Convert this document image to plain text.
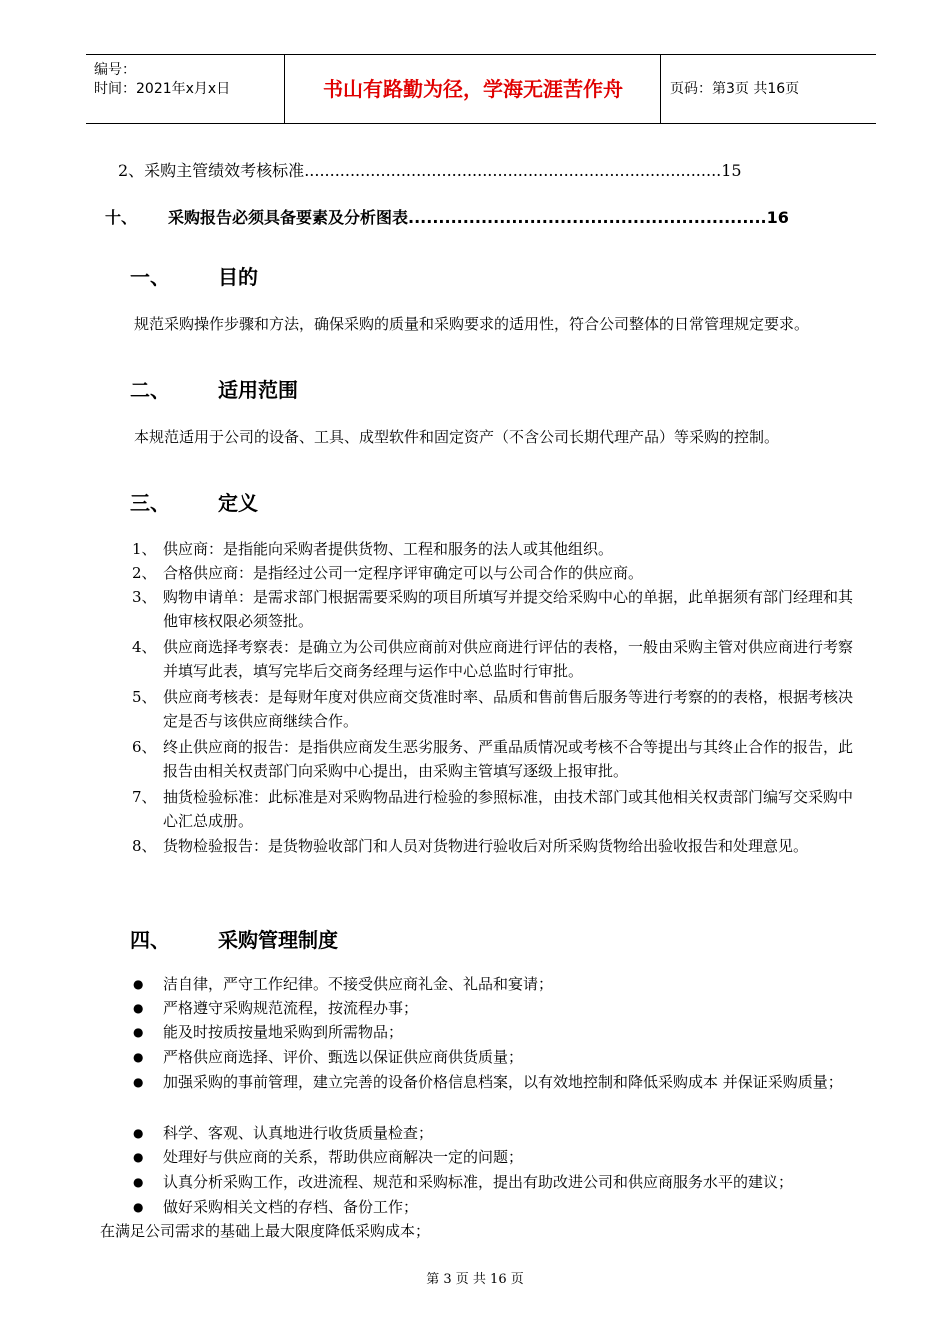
编号：
时间：2021年x月x日	书山有路勤为径，学海无涯苦作舟	页码：第3页 共16页
2、采购主管绩效考核标准..................................................................................15
十、 采购报告必须具备要素及分析图表...........................................................16
一、 目的
规范采购操作步骤和方法，确保采购的质量和采购要求的适用性，符合公司整体的日常管理规定要求。
二、 适用范围
本规范适用于公司的设备、工具、成型软件和固定资产（不含公司长期代理产品）等采购的控制。
三、 定义
1、 供应商：是指能向采购者提供货物、工程和服务的法人或其他组织。
2、 合格供应商：是指经过公司一定程序评审确定可以与公司合作的供应商。
3、 购物申请单：是需求部门根据需要采购的项目所填写并提交给采购中心的单据，此单据须有部门经理和其他审核权限必须签批。
4、 供应商选择考察表：是确立为公司供应商前对供应商进行评估的表格，一般由采购主管对供应商进行考察并填写此表，填写完毕后交商务经理与运作中心总监时行审批。
5、 供应商考核表：是每财年度对供应商交货准时率、品质和售前售后服务等进行考察的的表格，根据考核决定是否与该供应商继续合作。
6、 终止供应商的报告：是指供应商发生恶劣服务、严重品质情况或考核不合等提出与其终止合作的报告，此报告由相关权责部门向采购中心提出，由采购主管填写逐级上报审批。
7、 抽货检验标准：此标准是对采购物品进行检验的参照标准，由技术部门或其他相关权责部门编写交采购中心汇总成册。
8、 货物检验报告：是货物验收部门和人员对货物进行验收后对所采购货物给出验收报告和处理意见。
四、 采购管理制度
● 洁自律，严守工作纪律。不接受供应商礼金、礼品和宴请；
● 严格遵守采购规范流程，按流程办事；
● 能及时按质按量地采购到所需物品；
● 严格供应商选择、评价、甄选以保证供应商供货质量；
● 加强采购的事前管理，建立完善的设备价格信息档案，以有效地控制和降低采购成本 并保证采购质量；
● 科学、客观、认真地进行收货质量检查；
● 处理好与供应商的关系，帮助供应商解决一定的问题；
● 认真分析采购工作，改进流程、规范和采购标准，提出有助改进公司和供应商服务水平的建议；
● 做好采购相关文档的存档、备份工作；
在满足公司需求的基础上最大限度降低采购成本；
第 3 页 共 16 页
